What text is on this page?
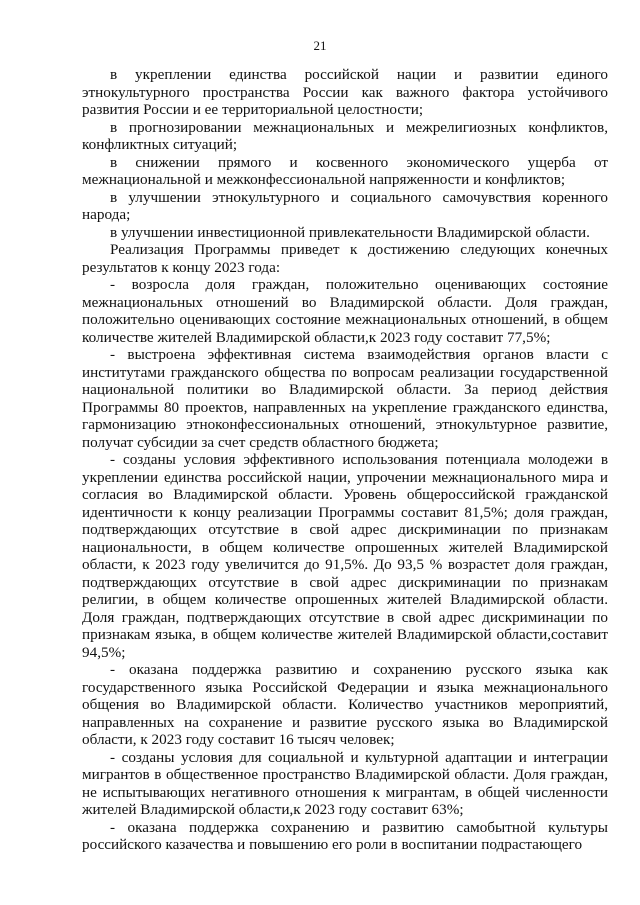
21

в укреплении единства российской нации и развитии единого этнокультурного пространства России как важного фактора устойчивого развития России и ее территориальной целостности;

в прогнозировании межнациональных и межрелигиозных конфликтов, конфликтных ситуаций;

в снижении прямого и косвенного экономического ущерба от межнациональной и межконфессиональной напряженности и конфликтов;

в улучшении этнокультурного и социального самочувствия коренного народа;

в улучшении инвестиционной привлекательности Владимирской области.

Реализация Программы приведет к достижению следующих конечных результатов к концу 2023 года:

- возросла доля граждан, положительно оценивающих состояние межнациональных отношений во Владимирской области. Доля граждан, положительно оценивающих состояние межнациональных отношений, в общем количестве жителей Владимирской области,к 2023 году составит 77,5%;

- выстроена эффективная система взаимодействия органов власти с институтами гражданского общества по вопросам реализации государственной национальной политики во Владимирской области. За период действия Программы 80 проектов, направленных на укрепление гражданского единства, гармонизацию этноконфессиональных отношений, этнокультурное развитие, получат субсидии за счет средств областного бюджета;

- созданы условия эффективного использования потенциала молодежи в укреплении единства российской нации, упрочении межнационального мира и согласия во Владимирской области. Уровень общероссийской гражданской идентичности к концу реализации Программы составит 81,5%; доля граждан, подтверждающих отсутствие в свой адрес дискриминации по признакам национальности, в общем количестве опрошенных жителей Владимирской области, к 2023 году увеличится до 91,5%. До 93,5 % возрастет доля граждан, подтверждающих отсутствие в свой адрес дискриминации по признакам религии, в общем количестве опрошенных жителей Владимирской области. Доля граждан, подтверждающих отсутствие в свой адрес дискриминации по признакам языка, в общем количестве жителей Владимирской области,составит 94,5%;

- оказана поддержка развитию и сохранению русского языка как государственного языка Российской Федерации и языка межнационального общения во Владимирской области. Количество участников мероприятий, направленных на сохранение и развитие русского языка во Владимирской области, к 2023 году составит 16 тысяч человек;

- созданы условия для социальной и культурной адаптации и интеграции мигрантов в общественное пространство Владимирской области. Доля граждан, не испытывающих негативного отношения к мигрантам, в общей численности жителей Владимирской области,к 2023 году составит 63%;

- оказана поддержка сохранению и развитию самобытной культуры российского казачества и повышению его роли в воспитании подрастающего
